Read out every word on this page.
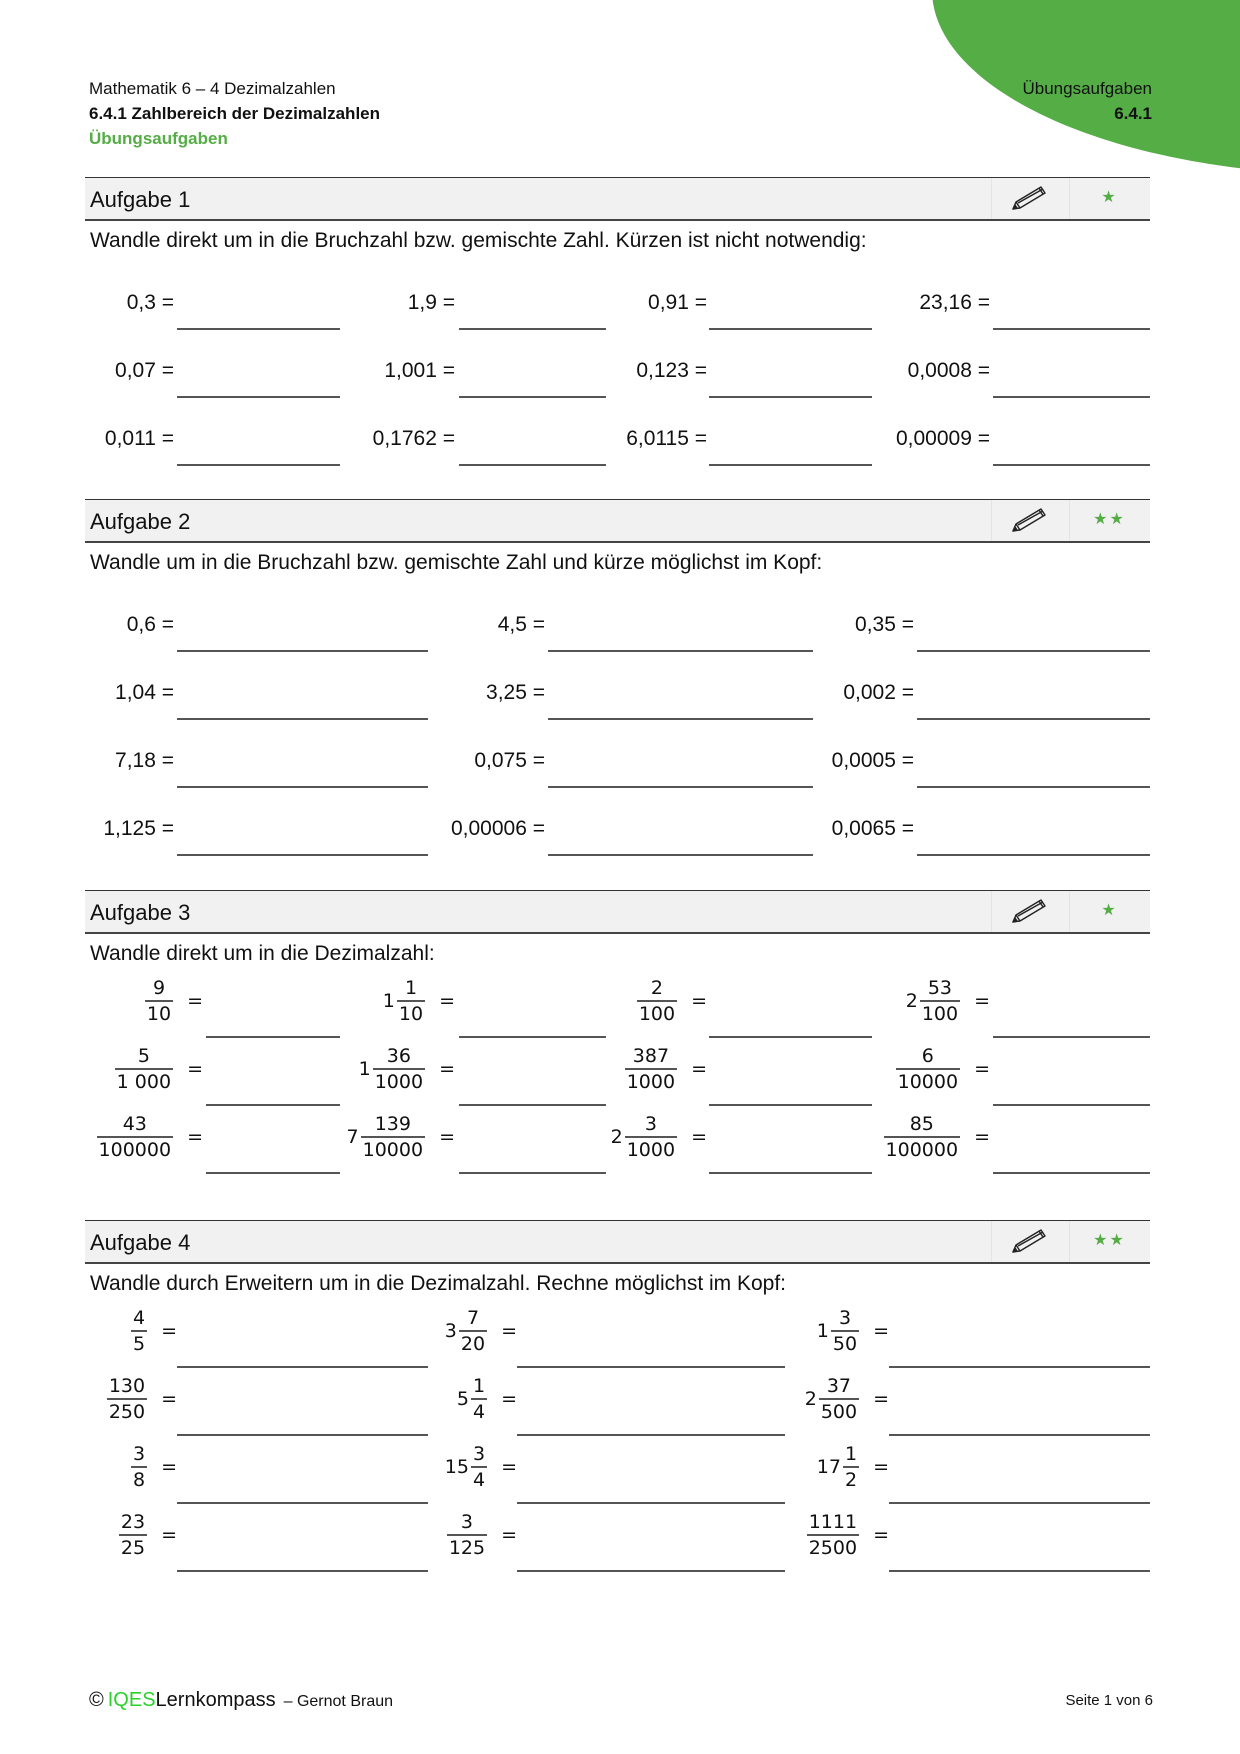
Mathematik 6 – 4 Dezimalzahlen
6.4.1 Zahlbereich der Dezimalzahlen
Übungsaufgaben
Übungsaufgaben
6.4.1
Aufgabe 1	★
Wandle direkt um in die Bruchzahl bzw. gemischte Zahl. Kürzen ist nicht notwendig:
0,3 =	1,9 =	0,91 =	23,16 =
0,07 =	1,001 =	0,123 =	0,0008 =
0,011 =	0,1762 =	6,0115 =	0,00009 =
Aufgabe 2	★★
Wandle um in die Bruchzahl bzw. gemischte Zahl und kürze möglichst im Kopf:
0,6 =	4,5 =	0,35 =
1,04 =	3,25 =	0,002 =
7,18 =	0,075 =	0,0005 =
1,125 =	0,00006 =	0,0065 =
Aufgabe 3	★
Wandle direkt um in die Dezimalzahl:
$\frac{9}{10}$ =	$1 \frac{1}{10}$ =	$\frac{2}{100}$ =	$2 \frac{53}{100}$ =
$\frac{5}{1 000}$ =	$1 \frac{36}{1000}$ =	$\frac{387}{1000}$ =	$\frac{6}{10000}$ =
$\frac{43}{100000}$ =	$7 \frac{139}{10000}$ =	$2 \frac{3}{1000}$ =	$\frac{85}{100000}$ =
Aufgabe 4	★★
Wandle durch Erweitern um in die Dezimalzahl. Rechne möglichst im Kopf:
$\frac{4}{5}$ =	$3 \frac{7}{20}$ =	$1 \frac{3}{50}$ =
$\frac{130}{250}$ =	$5 \frac{1}{4}$ =	$2 \frac{37}{500}$ =
$\frac{3}{8}$ =	$15 \frac{3}{4}$ =	$17 \frac{1}{2}$ =
$\frac{23}{25}$ =	$\frac{3}{125}$ =	$\frac{1111}{2500}$ =
© IQES Lernkompass – Gernot Braun	Seite 1 von 6
